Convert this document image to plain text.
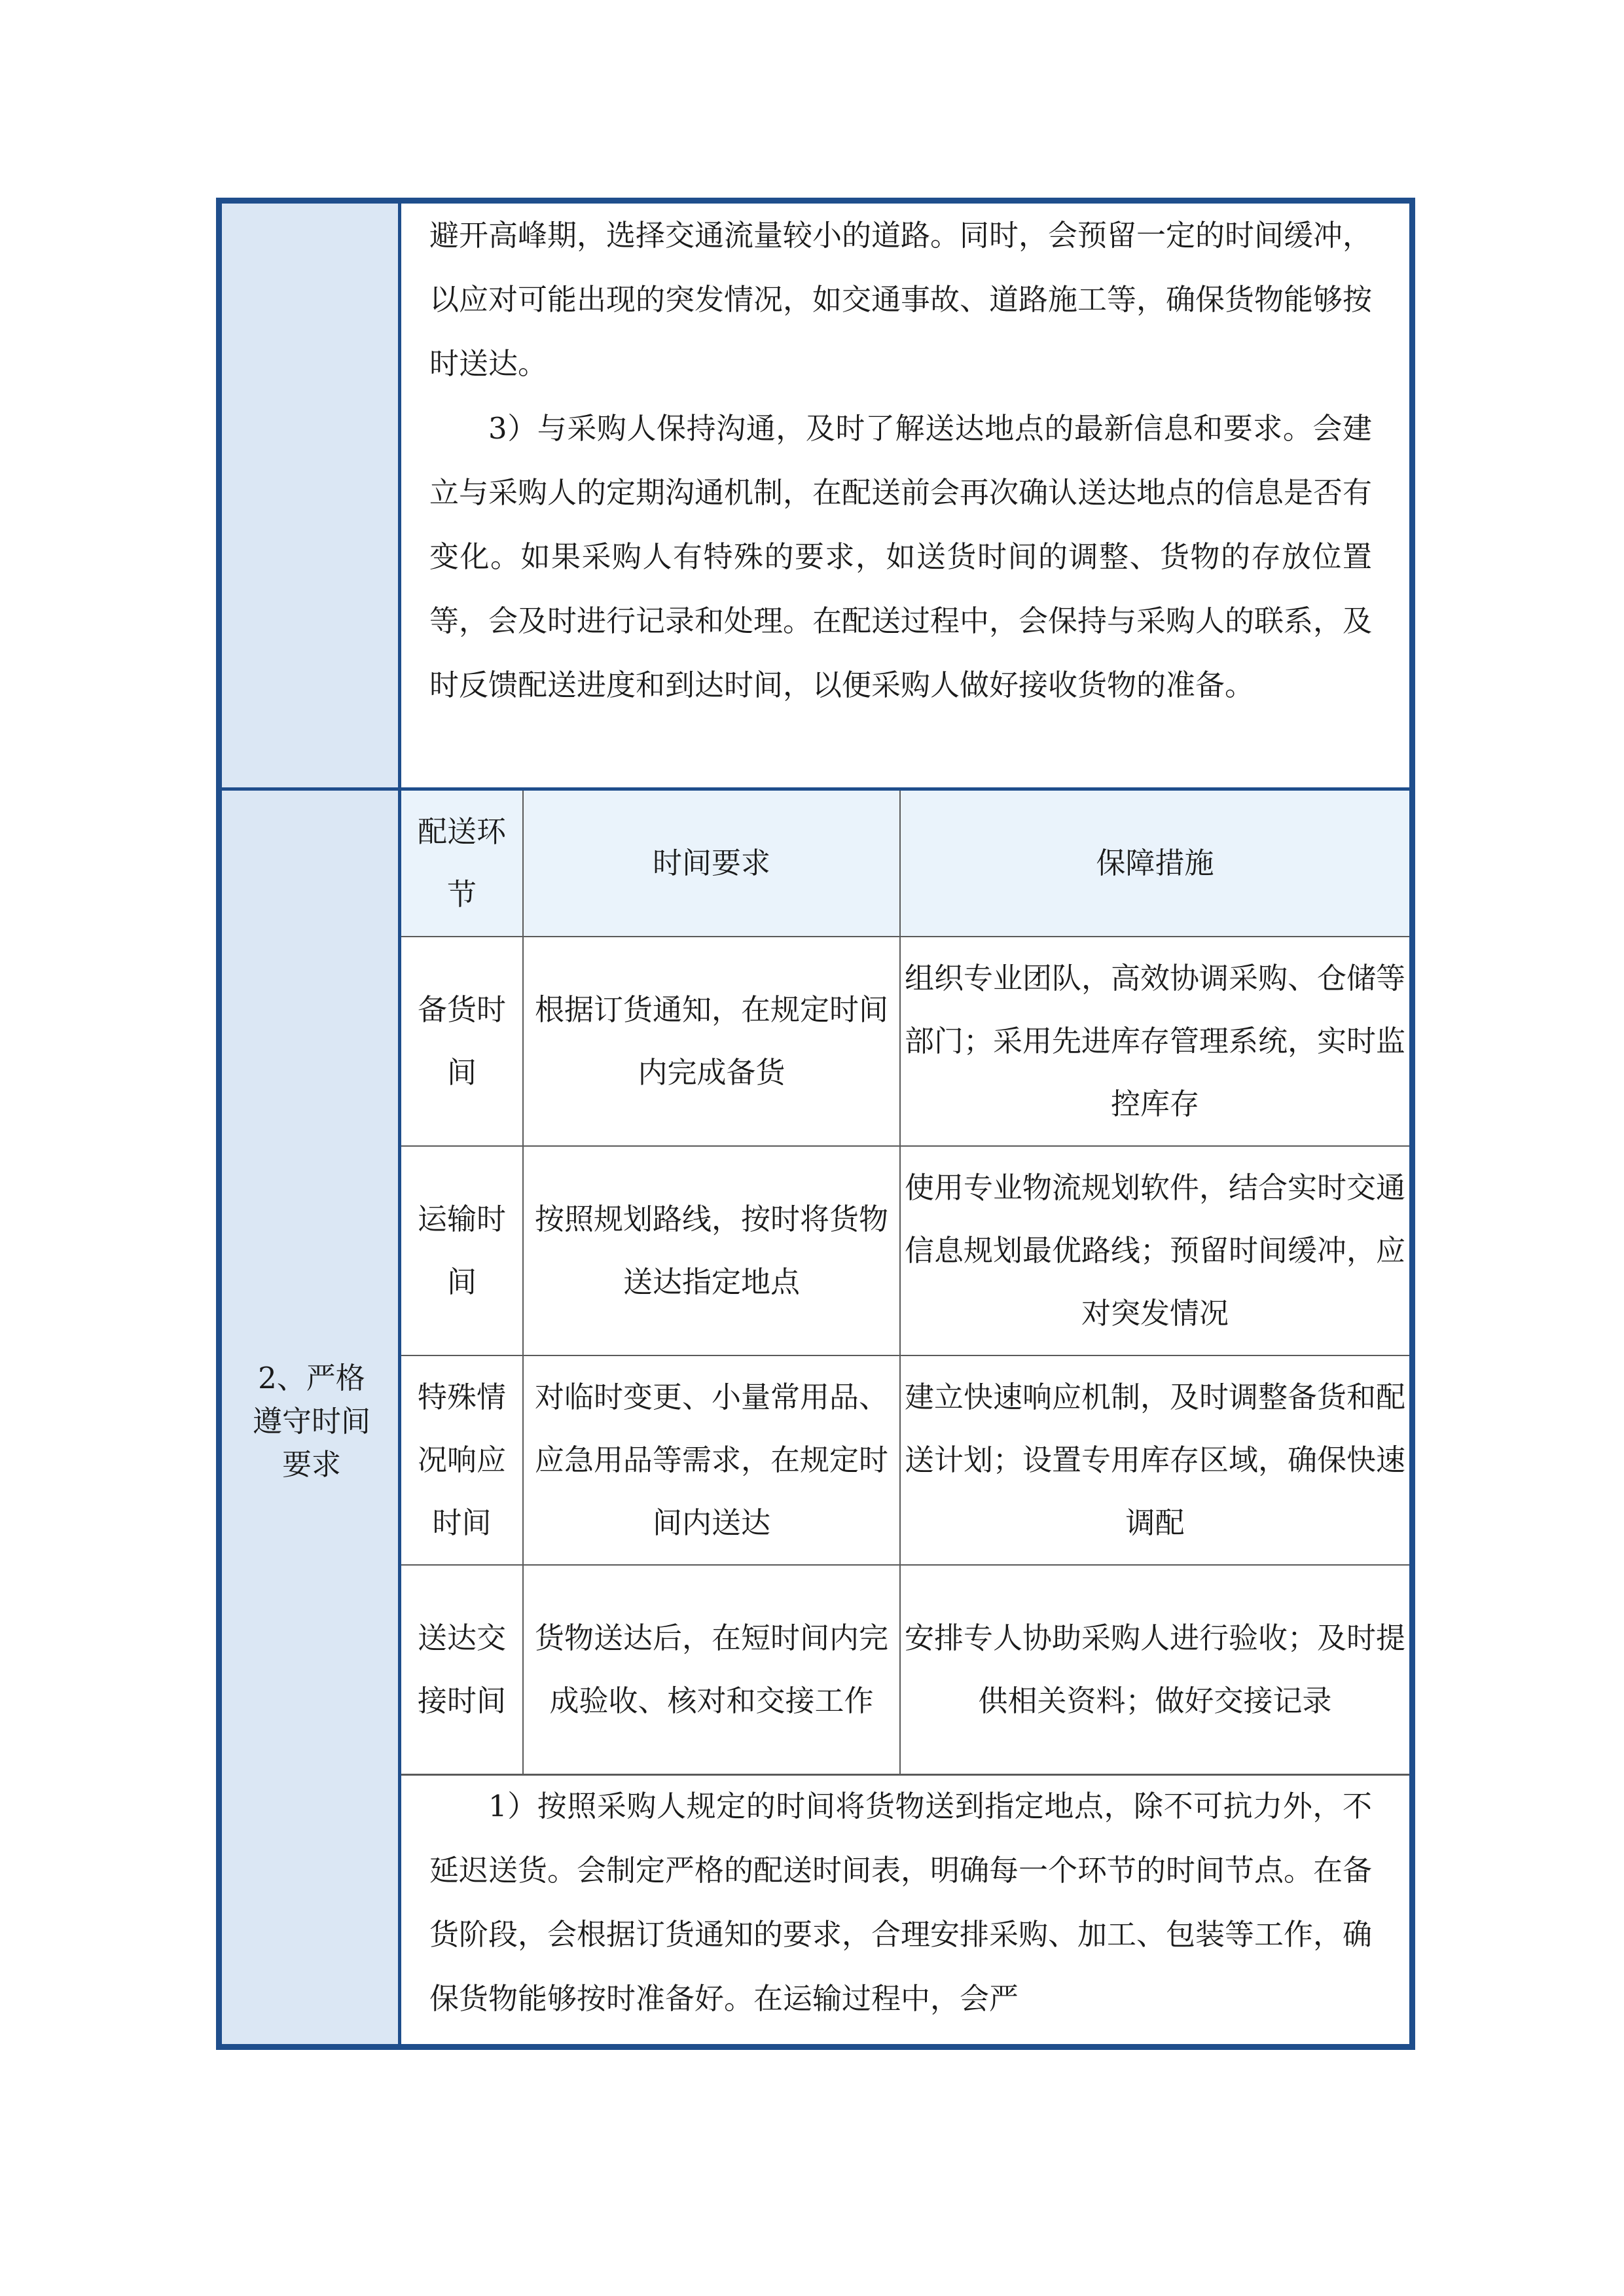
避开高峰期，选择交通流量较小的道路。同时，会预留一定的时间缓冲，以应对可能出现的突发情况，如交通事故、道路施工等，确保货物能够按时送达。

3）与采购人保持沟通，及时了解送达地点的最新信息和要求。会建立与采购人的定期沟通机制，在配送前会再次确认送达地点的信息是否有变化。如果采购人有特殊的要求，如送货时间的调整、货物的存放位置等，会及时进行记录和处理。在配送过程中，会保持与采购人的联系，及时反馈配送进度和到达时间，以便采购人做好接收货物的准备。

2、严格遵守时间要求
配送环节	时间要求	保障措施

备货时间	根据订货通知，在规定时间内完成备货	组织专业团队，高效协调采购、仓储等部门；采用先进库存管理系统，实时监控库存
运输时间	按照规划路线，按时将货物送达指定地点	使用专业物流规划软件，结合实时交通信息规划最优路线；预留时间缓冲，应对突发情况
特殊情况响应时间	对临时变更、小量常用品、应急用品等需求，在规定时间内送达	建立快速响应机制，及时调整备货和配送计划；设置专用库存区域，确保快速调配
送达交接时间	货物送达后，在短时间内完成验收、核对和交接工作	安排专人协助采购人进行验收；及时提供相关资料；做好交接记录

1）按照采购人规定的时间将货物送到指定地点，除不可抗力外，不延迟送货。会制定严格的配送时间表，明确每一个环节的时间节点。在备货阶段，会根据订货通知的要求，合理安排采购、加工、包装等工作，确保货物能够按时准备好。在运输过程中，会严
